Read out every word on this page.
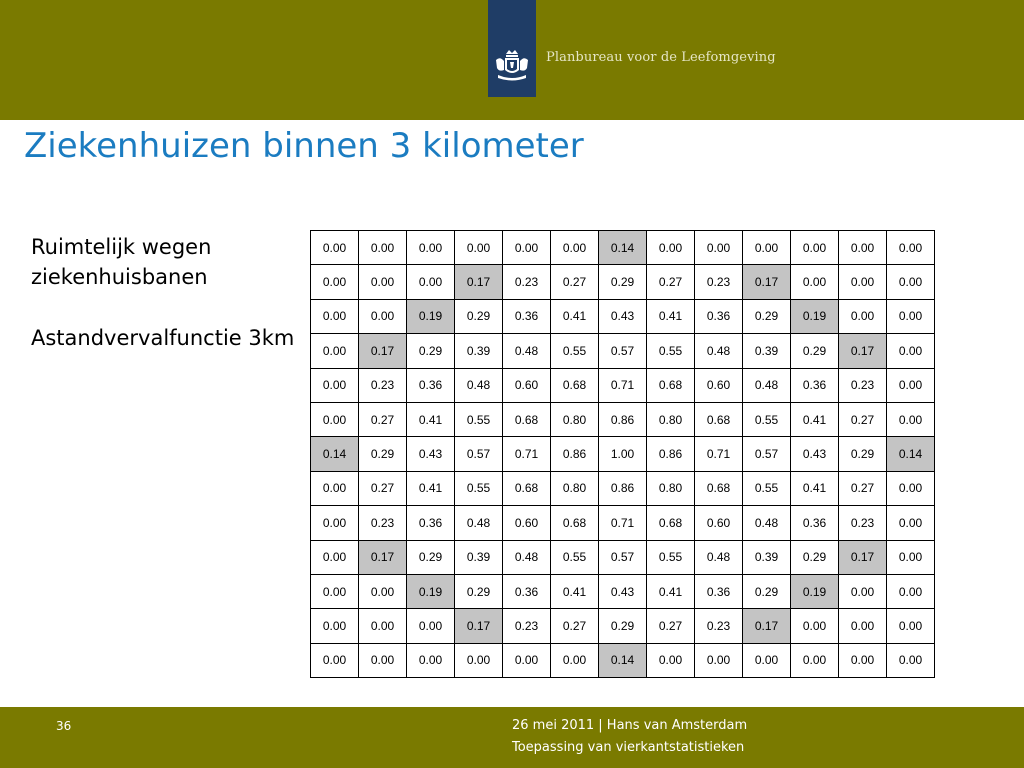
Planbureau voor de Leefomgeving
Ziekenhuizen binnen 3 kilometer

Ruimtelijk wegen ziekenhuisbanen

Astandvervalfunctie 3km

0.00	0.00	0.00	0.00	0.00	0.00	0.14	0.00	0.00	0.00	0.00	0.00	0.00
0.00	0.00	0.00	0.17	0.23	0.27	0.29	0.27	0.23	0.17	0.00	0.00	0.00
0.00	0.00	0.19	0.29	0.36	0.41	0.43	0.41	0.36	0.29	0.19	0.00	0.00
0.00	0.17	0.29	0.39	0.48	0.55	0.57	0.55	0.48	0.39	0.29	0.17	0.00
0.00	0.23	0.36	0.48	0.60	0.68	0.71	0.68	0.60	0.48	0.36	0.23	0.00
0.00	0.27	0.41	0.55	0.68	0.80	0.86	0.80	0.68	0.55	0.41	0.27	0.00
0.14	0.29	0.43	0.57	0.71	0.86	1.00	0.86	0.71	0.57	0.43	0.29	0.14
0.00	0.27	0.41	0.55	0.68	0.80	0.86	0.80	0.68	0.55	0.41	0.27	0.00
0.00	0.23	0.36	0.48	0.60	0.68	0.71	0.68	0.60	0.48	0.36	0.23	0.00
0.00	0.17	0.29	0.39	0.48	0.55	0.57	0.55	0.48	0.39	0.29	0.17	0.00
0.00	0.00	0.19	0.29	0.36	0.41	0.43	0.41	0.36	0.29	0.19	0.00	0.00
0.00	0.00	0.00	0.17	0.23	0.27	0.29	0.27	0.23	0.17	0.00	0.00	0.00
0.00	0.00	0.00	0.00	0.00	0.00	0.14	0.00	0.00	0.00	0.00	0.00	0.00
36	26 mei 2011 | Hans van Amsterdam
Toepassing van vierkantstatistieken
